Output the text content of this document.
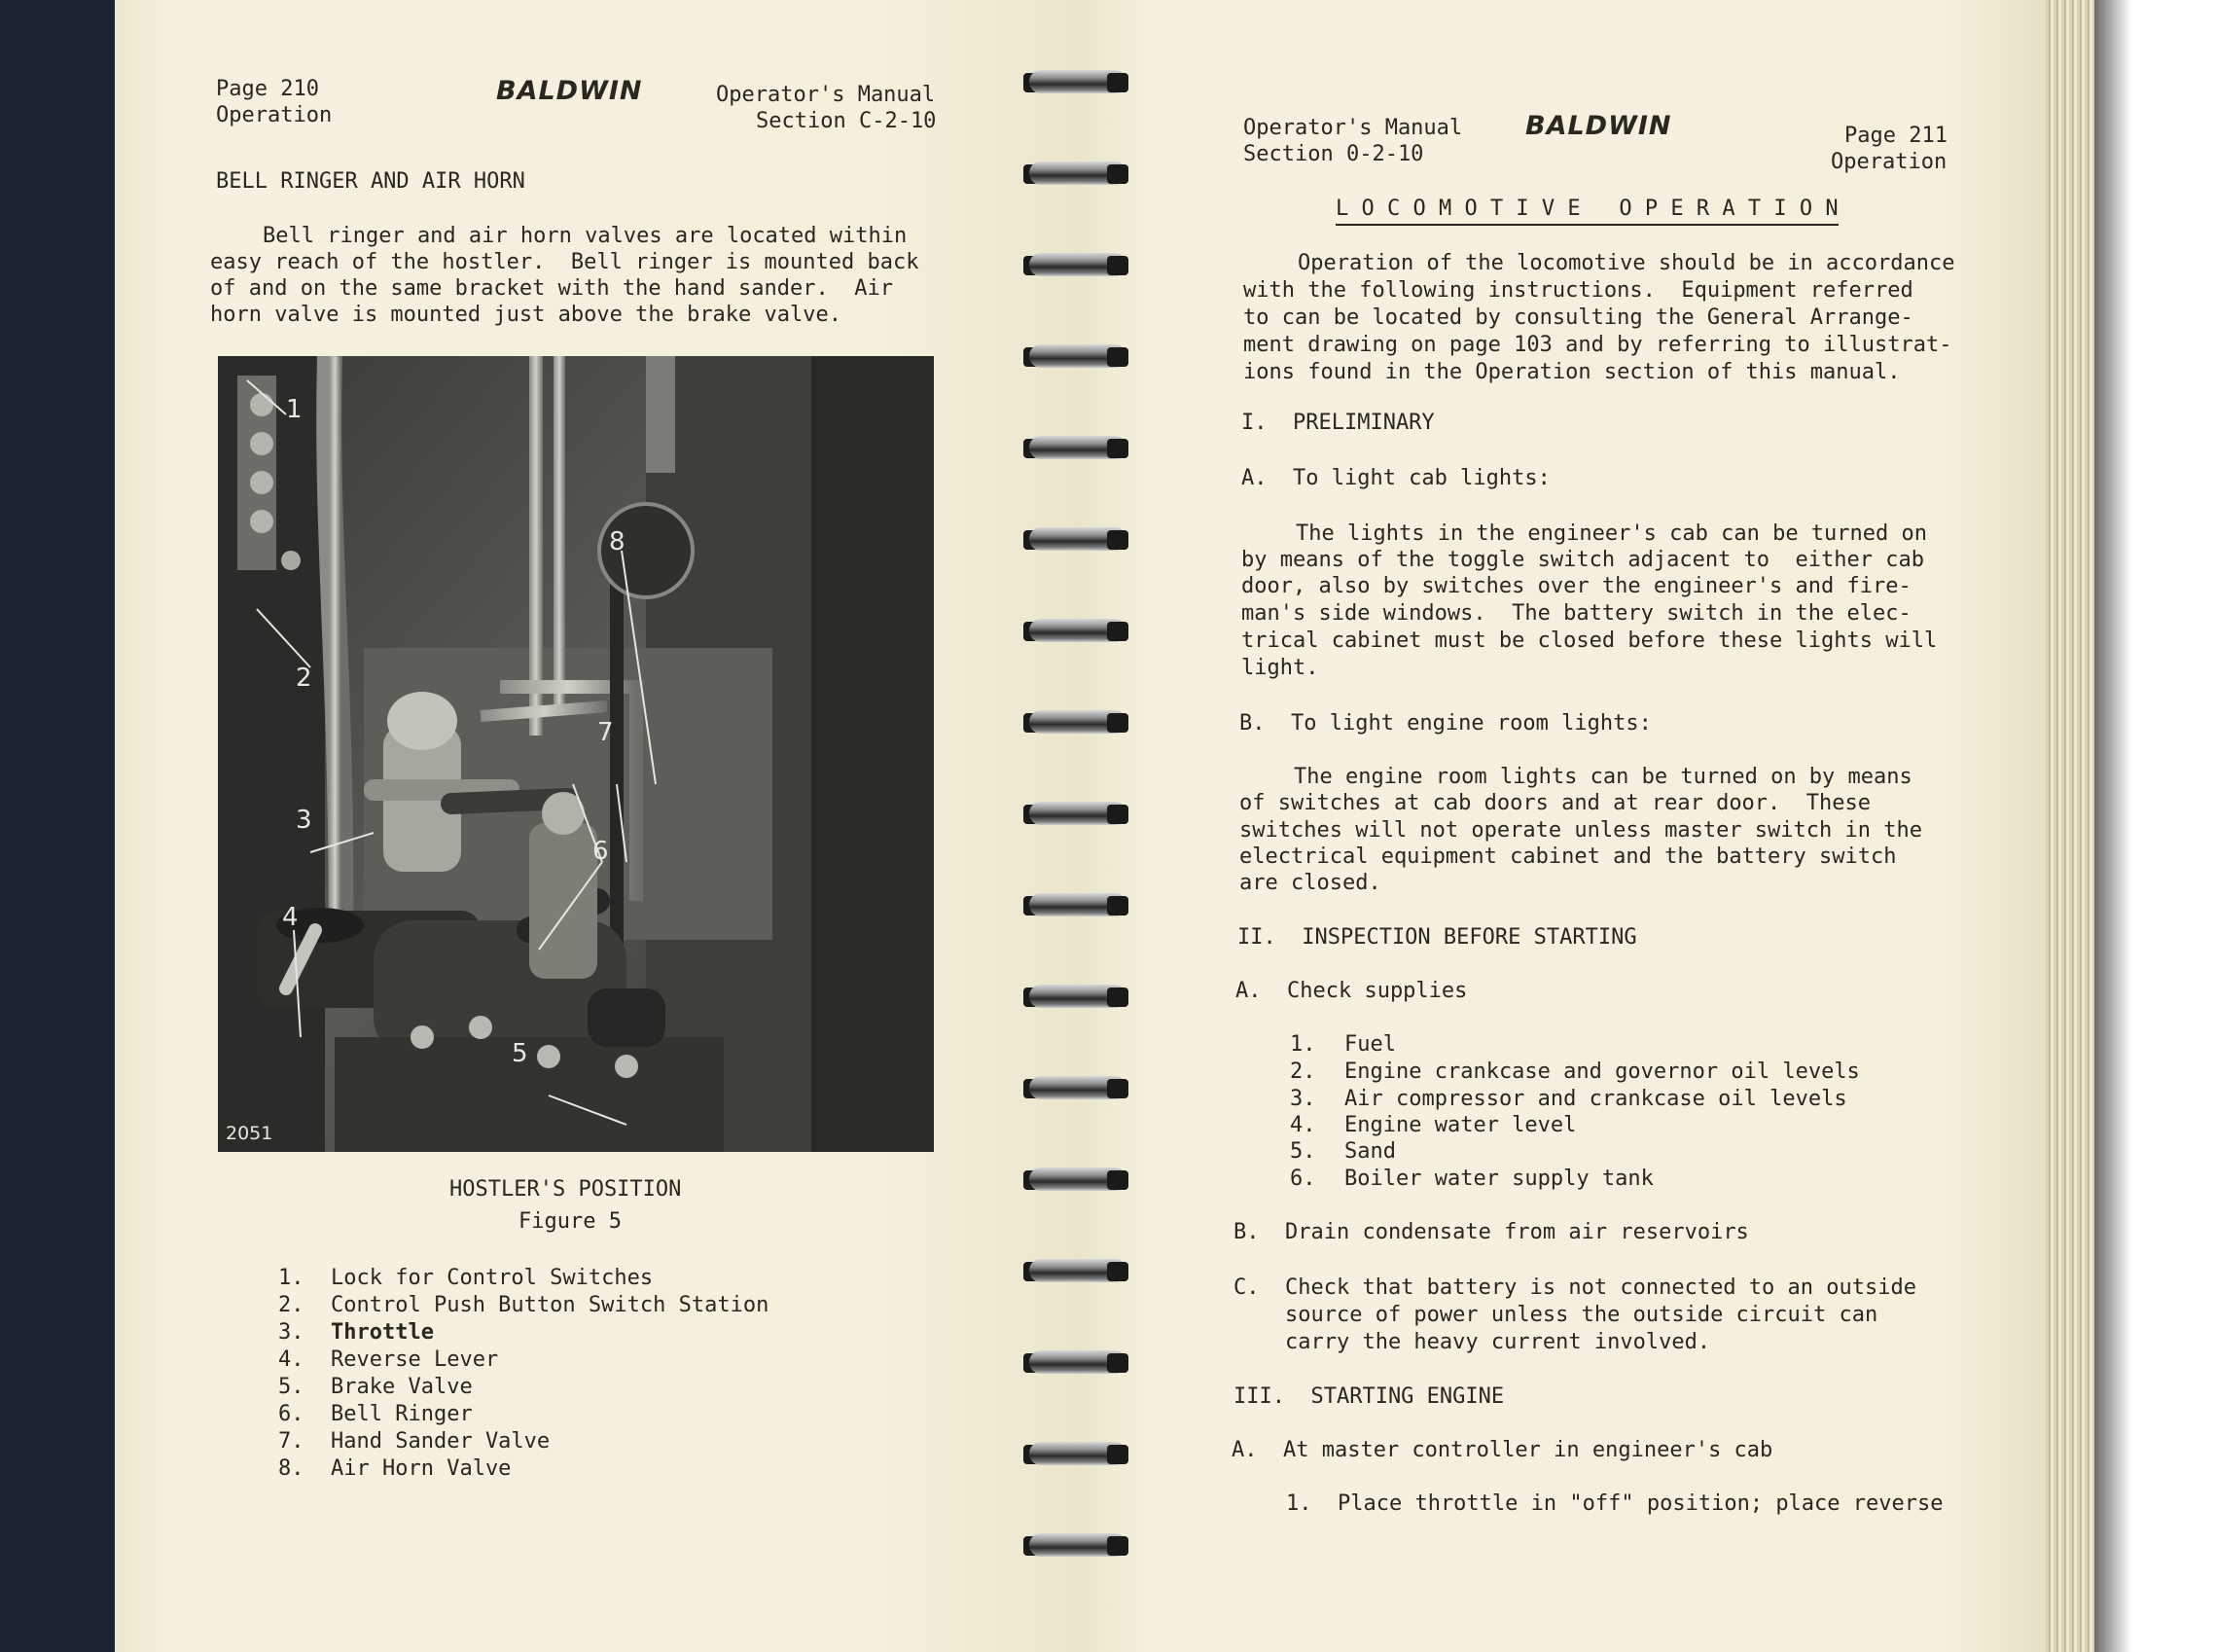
Page 210
Operation
BALDWIN	Operator's Manual
Section C-2-10
BELL RINGER AND AIR HORN
Bell ringer and air horn valves are located within
easy reach of the hostler.  Bell ringer is mounted back
of and on the same bracket with the hand sander.  Air
horn valve is mounted just above the brake valve.
1
2
3
4
5
6
7
8
2051
HOSTLER'S POSITION
Figure 5
1. Lock for Control Switches
2. Control Push Button Switch Station
3. Throttle
4. Reverse Lever
5. Brake Valve
6. Bell Ringer
7. Hand Sander Valve
8. Air Horn Valve
Operator's Manual
Section 0-2-10
BALDWIN	Page 211
Operation
L O C O M O T I V E   O P E R A T I O N
Operation of the locomotive should be in accordance
with the following instructions.  Equipment referred
to can be located by consulting the General Arrange-
ment drawing on page 103 and by referring to illustrat-
ions found in the Operation section of this manual.
I.  PRELIMINARY
A.  To light cab lights:
The lights in the engineer's cab can be turned on
by means of the toggle switch adjacent to  either cab
door, also by switches over the engineer's and fire-
man's side windows.  The battery switch in the elec-
trical cabinet must be closed before these lights will
light.
B.  To light engine room lights:
The engine room lights can be turned on by means
of switches at cab doors and at rear door.  These
switches will not operate unless master switch in the
electrical equipment cabinet and the battery switch
are closed.
II.  INSPECTION BEFORE STARTING
A.  Check supplies
1. Fuel
2. Engine crankcase and governor oil levels
3. Air compressor and crankcase oil levels
4. Engine water level
5. Sand
6. Boiler water supply tank
B.  Drain condensate from air reservoirs
C.  Check that battery is not connected to an outside
source of power unless the outside circuit can
carry the heavy current involved.
III.  STARTING ENGINE
A.  At master controller in engineer's cab
1.  Place throttle in "off" position; place reverse
